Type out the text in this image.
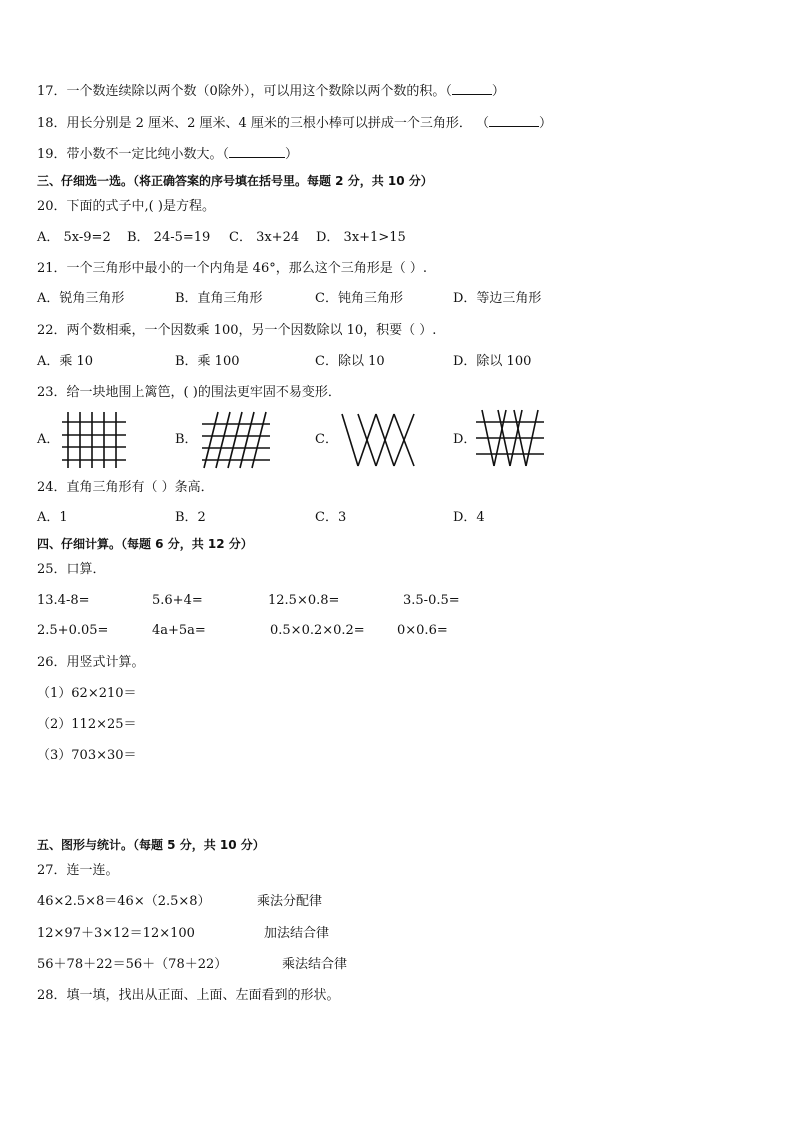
17．一个数连续除以两个数（0除外），可以用这个数除以两个数的积。（	）
18．用长分别是 2 厘米、2 厘米、4 厘米的三根小棒可以拼成一个三角形． （	）
19．带小数不一定比纯小数大。（	）
三、仔细选一选。（将正确答案的序号填在括号里。每题 2 分，共 10 分）
20．下面的式子中,( )是方程。
A． 5x-9=2 B． 24-5=19 C． 3x+24 D． 3x+1>15
21．一个三角形中最小的一个内角是 46°，那么这个三角形是（ ）.
A．锐角三角形	B．直角三角形	C．钝角三角形	D．等边三角形
22．两个数相乘，一个因数乘 100，另一个因数除以 10，积要（ ）.
A．乘 10	B．乘 100	C．除以 10	D．除以 100
23．给一块地围上篱笆，( )的围法更牢固不易变形．
A．	B．	C．	D．
24．直角三角形有（ ）条高．
A．1	B．2	C．3	D．4
四、仔细计算。（每题 6 分，共 12 分）
25．口算．
13.4-8=	5.6+4=	12.5×0.8=	3.5-0.5=
2.5+0.05=	4a+5a=	0.5×0.2×0.2= 0×0.6=
26．用竖式计算。
（1）62×210＝
（2）112×25＝
（3）703×30＝
五、图形与统计。（每题 5 分，共 10 分）
27．连一连。
46×2.5×8＝46×（2.5×8）	乘法分配律
12×97＋3×12＝12×100	加法结合律
56＋78＋22＝56＋（78＋22）	乘法结合律
28．填一填，找出从正面、上面、左面看到的形状。
